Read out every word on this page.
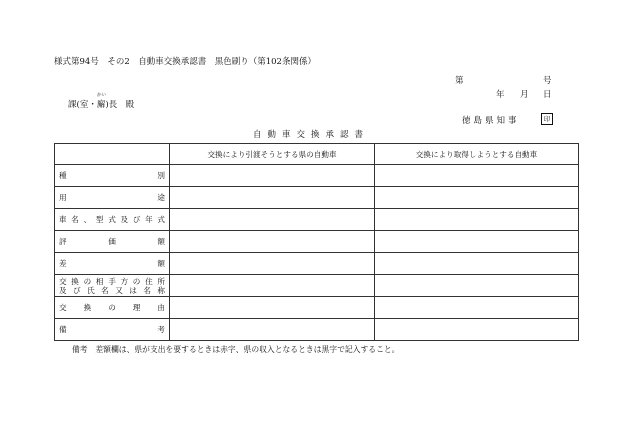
様式第94号　その2　自動車交換承認書　黒色刷り（第102条関係）
第	号
年 月 日
かい
課(室・廨)長　殿
徳島県知事	印
自動車交換承認書
	交換により引渡そうとする県の自動車	交換により取得しようとする自動車
種別		
用途		
車名、型式及び年式		
評価額		
差額		

交換の相手方の住所
及び氏名又は名称		

交換の理由		
備考		
備考　差額欄は、県が支出を要するときは赤字、県の収入となるときは黒字で記入すること。
